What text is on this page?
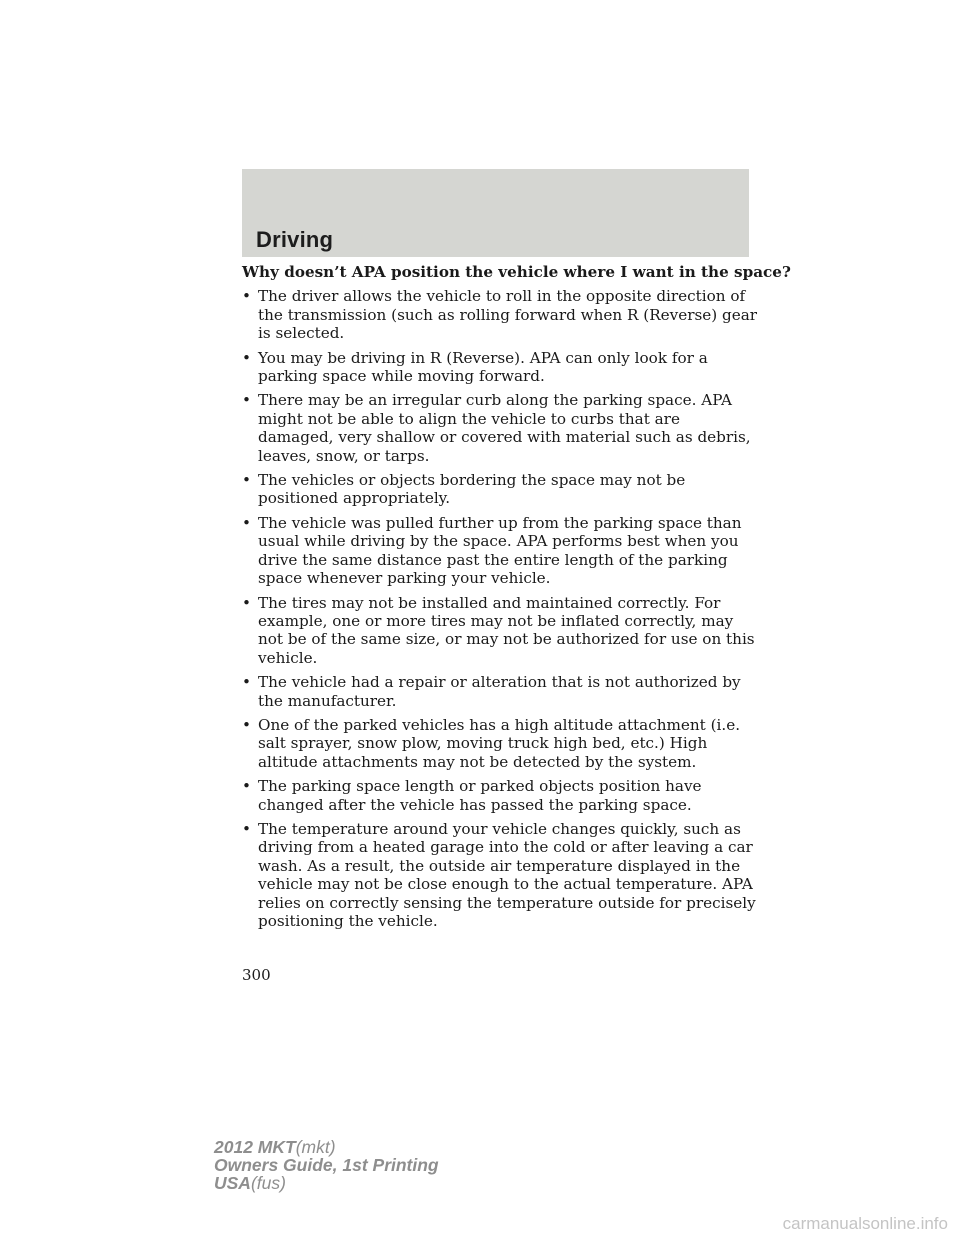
Driving
Why doesn’t APA position the vehicle where I want in the space?
• The driver allows the vehicle to roll in the opposite direction of the transmission (such as rolling forward when R (Reverse) gear is selected.
• You may be driving in R (Reverse). APA can only look for a parking space while moving forward.
• There may be an irregular curb along the parking space. APA might not be able to align the vehicle to curbs that are damaged, very shallow or covered with material such as debris, leaves, snow, or tarps.
• The vehicles or objects bordering the space may not be positioned appropriately.
• The vehicle was pulled further up from the parking space than usual while driving by the space. APA performs best when you drive the same distance past the entire length of the parking space whenever parking your vehicle.
• The tires may not be installed and maintained correctly. For example, one or more tires may not be inflated correctly, may not be of the same size, or may not be authorized for use on this vehicle.
• The vehicle had a repair or alteration that is not authorized by the manufacturer.
• One of the parked vehicles has a high altitude attachment (i.e. salt sprayer, snow plow, moving truck high bed, etc.) High altitude attachments may not be detected by the system.
• The parking space length or parked objects position have changed after the vehicle has passed the parking space.
• The temperature around your vehicle changes quickly, such as driving from a heated garage into the cold or after leaving a car wash. As a result, the outside air temperature displayed in the vehicle may not be close enough to the actual temperature. APA relies on correctly sensing the temperature outside for precisely positioning the vehicle.
300
2012 MKT(mkt)
Owners Guide, 1st Printing
USA(fus)
carmanualsonline.info
